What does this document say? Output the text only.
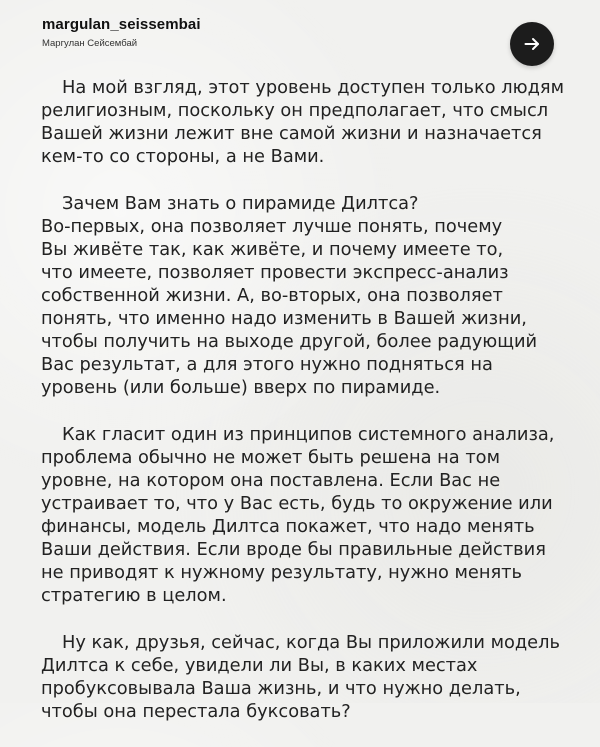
margulan_seissembai
Маргулан Сейсембай

На мой взгляд, этот уровень доступен только людям
религиозным, поскольку он предполагает, что смысл
Вашей жизни лежит вне самой жизни и назначается
кем-то со стороны, а не Вами.

Зачем Вам знать о пирамиде Дилтса?
Во-первых, она позволяет лучше понять, почему
Вы живёте так, как живёте, и почему имеете то,
что имеете, позволяет провести экспресс-анализ
собственной жизни. А, во-вторых, она позволяет
понять, что именно надо изменить в Вашей жизни,
чтобы получить на выходе другой, более радующий
Вас результат, а для этого нужно подняться на
уровень (или больше) вверх по пирамиде.

Как гласит один из принципов системного анализа,
проблема обычно не может быть решена на том
уровне, на котором она поставлена. Если Вас не
устраивает то, что у Вас есть, будь то окружение или
финансы, модель Дилтса покажет, что надо менять
Ваши действия. Если вроде бы правильные действия
не приводят к нужному результату, нужно менять
стратегию в целом.

Ну как, друзья, сейчас, когда Вы приложили модель
Дилтса к себе, увидели ли Вы, в каких местах
пробуксовывала Ваша жизнь, и что нужно делать,
чтобы она перестала буксовать?
